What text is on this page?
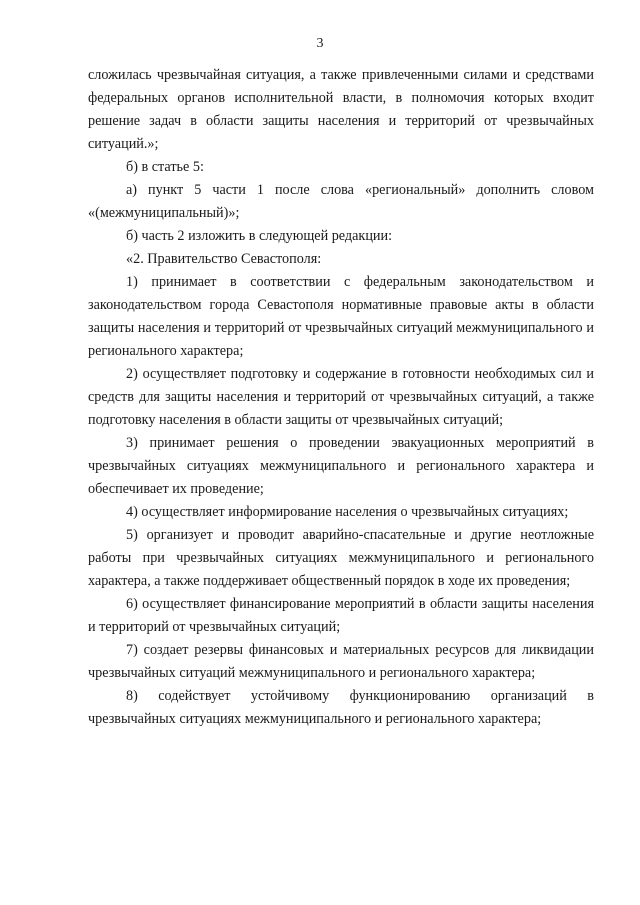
3

сложилась чрезвычайная ситуация, а также привлеченными силами и средствами федеральных органов исполнительной власти, в полномочия которых входит решение задач в области защиты населения и территорий от чрезвычайных ситуаций.»;

б) в статье 5:

а) пункт 5 части 1 после слова «региональный» дополнить словом «(межмуниципальный)»;

б) часть 2 изложить в следующей редакции:

«2. Правительство Севастополя:

1) принимает в соответствии с федеральным законодательством и законодательством города Севастополя нормативные правовые акты в области защиты населения и территорий от чрезвычайных ситуаций межмуниципального и регионального характера;

2) осуществляет подготовку и содержание в готовности необходимых сил и средств для защиты населения и территорий от чрезвычайных ситуаций, а также подготовку населения в области защиты от чрезвычайных ситуаций;

3) принимает решения о проведении эвакуационных мероприятий в чрезвычайных ситуациях межмуниципального и регионального характера и обеспечивает их проведение;

4) осуществляет информирование населения о чрезвычайных ситуациях;

5) организует и проводит аварийно-спасательные и другие неотложные работы при чрезвычайных ситуациях межмуниципального и регионального характера, а также поддерживает общественный порядок в ходе их проведения;

6) осуществляет финансирование мероприятий в области защиты населения и территорий от чрезвычайных ситуаций;

7) создает резервы финансовых и материальных ресурсов для ликвидации чрезвычайных ситуаций межмуниципального и регионального характера;

8) содействует устойчивому функционированию организаций в чрезвычайных ситуациях межмуниципального и регионального характера;
